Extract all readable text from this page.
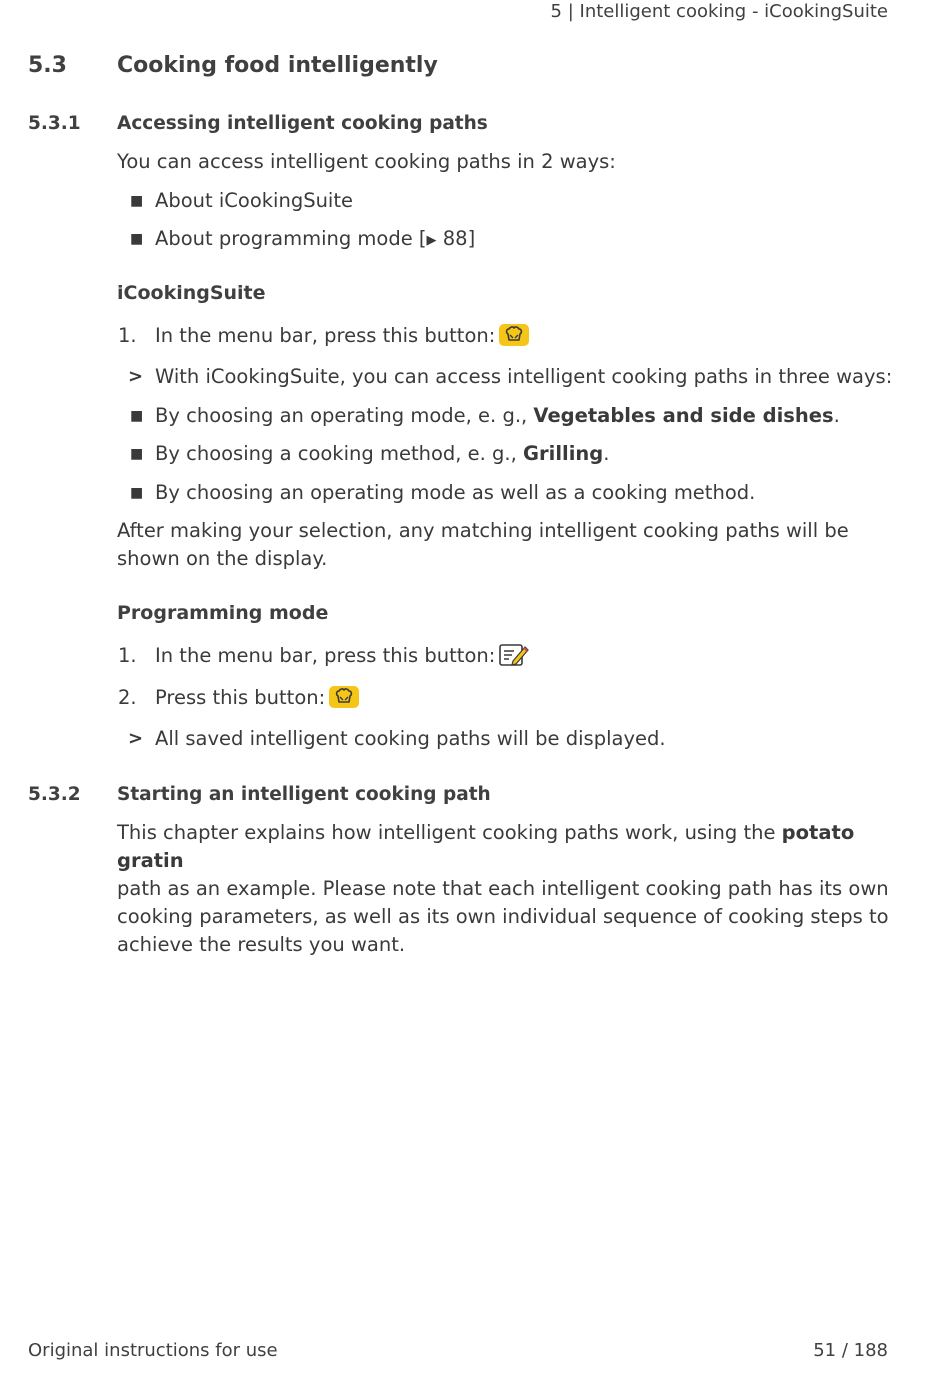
5 | Intelligent cooking - iCookingSuite
5.3 Cooking food intelligently
5.3.1 Accessing intelligent cooking paths
You can access intelligent cooking paths in 2 ways:
■ About iCookingSuite
■ About programming mode [▶ 88]
iCookingSuite
1. In the menu bar, press this button:
> With iCookingSuite, you can access intelligent cooking paths in three ways:
■ By choosing an operating mode, e. g., Vegetables and side dishes.
■ By choosing a cooking method, e. g., Grilling.
■ By choosing an operating mode as well as a cooking method.
After making your selection, any matching intelligent cooking paths will be
shown on the display.
Programming mode
1. In the menu bar, press this button:
2. Press this button:
> All saved intelligent cooking paths will be displayed.
5.3.2 Starting an intelligent cooking path
This chapter explains how intelligent cooking paths work, using the potato gratin
path as an example. Please note that each intelligent cooking path has its own
cooking parameters, as well as its own individual sequence of cooking steps to
achieve the results you want.
Original instructions for use	51 / 188
